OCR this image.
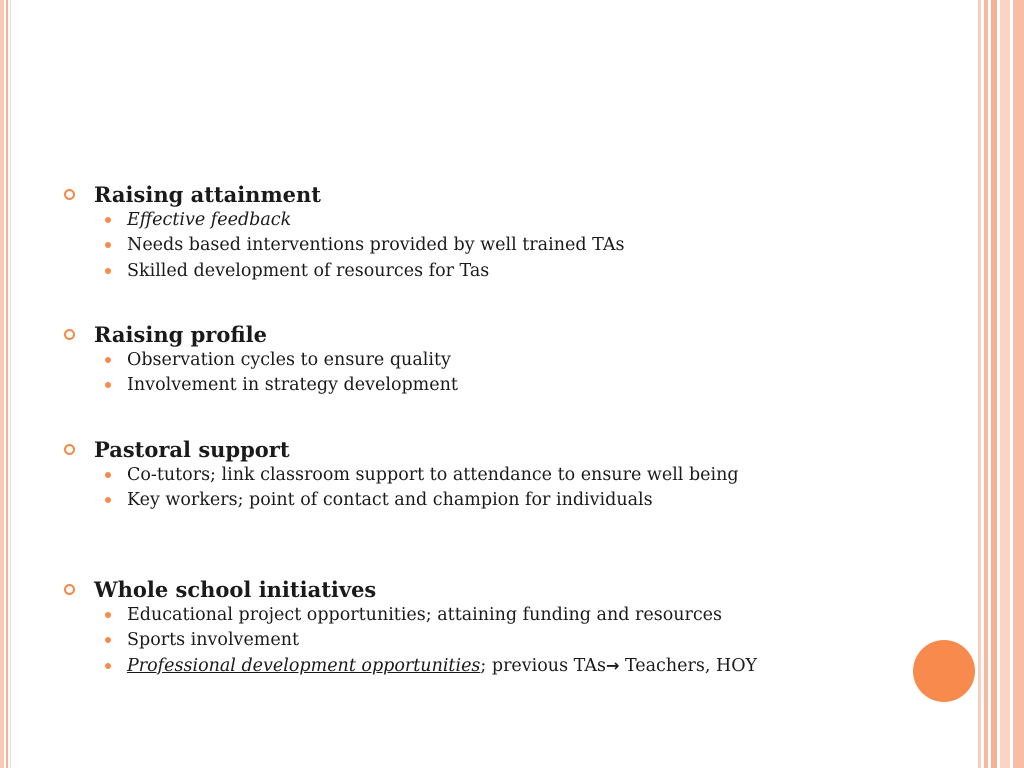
Raising attainment
Effective feedback
Needs based interventions provided by well trained TAs
Skilled development of resources for Tas
Raising profile
Observation cycles to ensure quality
Involvement in strategy development
Pastoral support
Co-tutors; link classroom support to attendance to ensure well being
Key workers; point of contact and champion for individuals
Whole school initiatives
Educational project opportunities; attaining funding and resources
Sports involvement
Professional development opportunities; previous TAs→ Teachers, HOY
